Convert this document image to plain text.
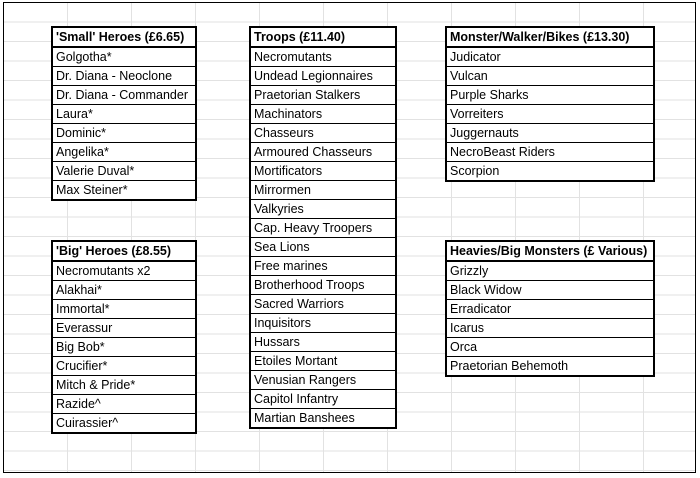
'Small' Heroes (£6.65)
Golgotha*
Dr. Diana - Neoclone
Dr. Diana - Commander
Laura*
Dominic*
Angelika*
Valerie Duval*
Max Steiner*
'Big' Heroes (£8.55)
Necromutants x2
Alakhai*
Immortal*
Everassur
Big Bob*
Crucifier*
Mitch & Pride*
Razide^
Cuirassier^
Troops (£11.40)
Necromutants
Undead Legionnaires
Praetorian Stalkers
Machinators
Chasseurs
Armoured Chasseurs
Mortificators
Mirrormen
Valkyries
Cap. Heavy Troopers
Sea Lions
Free marines
Brotherhood Troops
Sacred Warriors
Inquisitors
Hussars
Etoiles Mortant
Venusian Rangers
Capitol Infantry
Martian Banshees
Monster/Walker/Bikes (£13.30)
Judicator
Vulcan
Purple Sharks
Vorreiters
Juggernauts
NecroBeast Riders
Scorpion
Heavies/Big Monsters (£ Various)
Grizzly
Black Widow
Erradicator
Icarus
Orca
Praetorian Behemoth
